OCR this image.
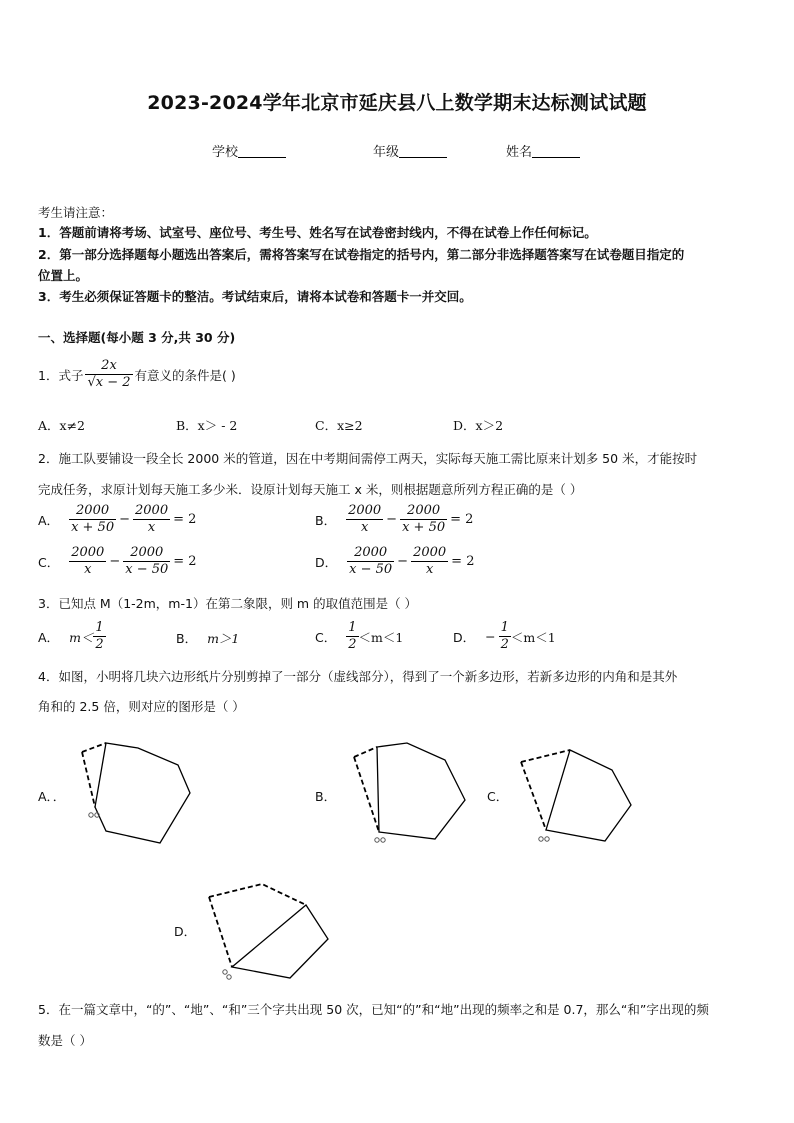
2023-2024学年北京市延庆县八上数学期末达标测试试题
学校	年级	姓名
考生请注意：
1．答题前请将考场、试室号、座位号、考生号、姓名写在试卷密封线内，不得在试卷上作任何标记。
2．第一部分选择题每小题选出答案后，需将答案写在试卷指定的括号内，第二部分非选择题答案写在试卷题目指定的
位置上。
3．考生必须保证答题卡的整洁。考试结束后，请将本试卷和答题卡一并交回。
一、选择题(每小题 3 分,共 30 分)
1．式子 $\frac{2x}{√x - 2}$ 有意义的条件是( )
A．x≠2	B．x＞ - 2	C．x≥2	D．x＞2
2．施工队要铺设一段全长 2000 米的管道，因在中考期间需停工两天，实际每天施工需比原来计划多 50 米，才能按时
完成任务，求原计划每天施工多少米．设原计划每天施工 x 米，则根据题意所列方程正确的是（ ）
A． $\frac{2000}{x + 50} - \frac{2000}{x} = 2$	B． $\frac{2000}{x} - \frac{2000}{x + 50} = 2$
C． $\frac{2000}{x} - \frac{2000}{x - 50} = 2$	D． $\frac{2000}{x - 50} - \frac{2000}{x} = 2$
3．已知点 M（1-2m，m-1）在第二象限，则 m 的取值范围是（ ）
A． $m< \frac{1}{2}$	B． m＞1	C． $\frac{1}{2} <m<1$	D． − $\frac{1}{2} <m<1$
4．如图，小明将几块六边形纸片分别剪掉了一部分（虚线部分），得到了一个新多边形，若新多边形的内角和是其外
角和的 2.5 倍，则对应的图形是（ ）
A．．	B．	C．
D．
5．在一篇文章中，“的”、“地”、“和”三个字共出现 50 次，已知“的”和“地”出现的频率之和是 0.7，那么“和”字出现的频
数是（ ）
